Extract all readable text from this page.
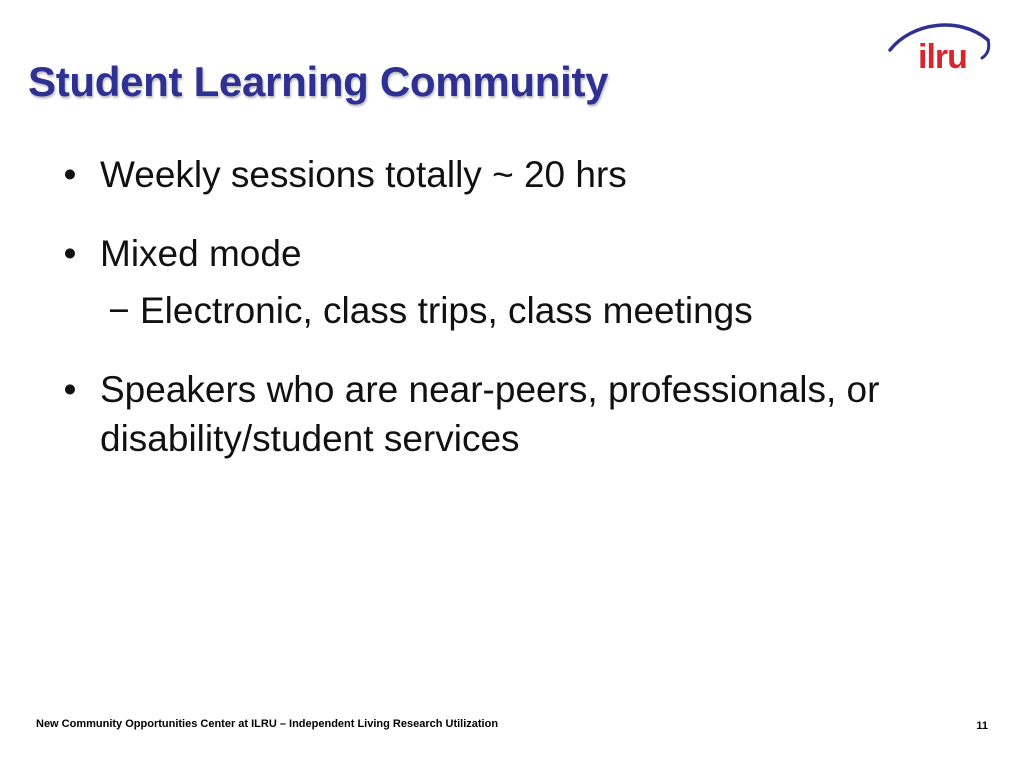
Student Learning Community
ilru
• Weekly sessions totally ~ 20 hrs
• Mixed mode
− Electronic, class trips, class meetings
• Speakers who are near-peers, professionals, or disability/student services
New Community Opportunities Center at ILRU – Independent Living Research Utilization	11
